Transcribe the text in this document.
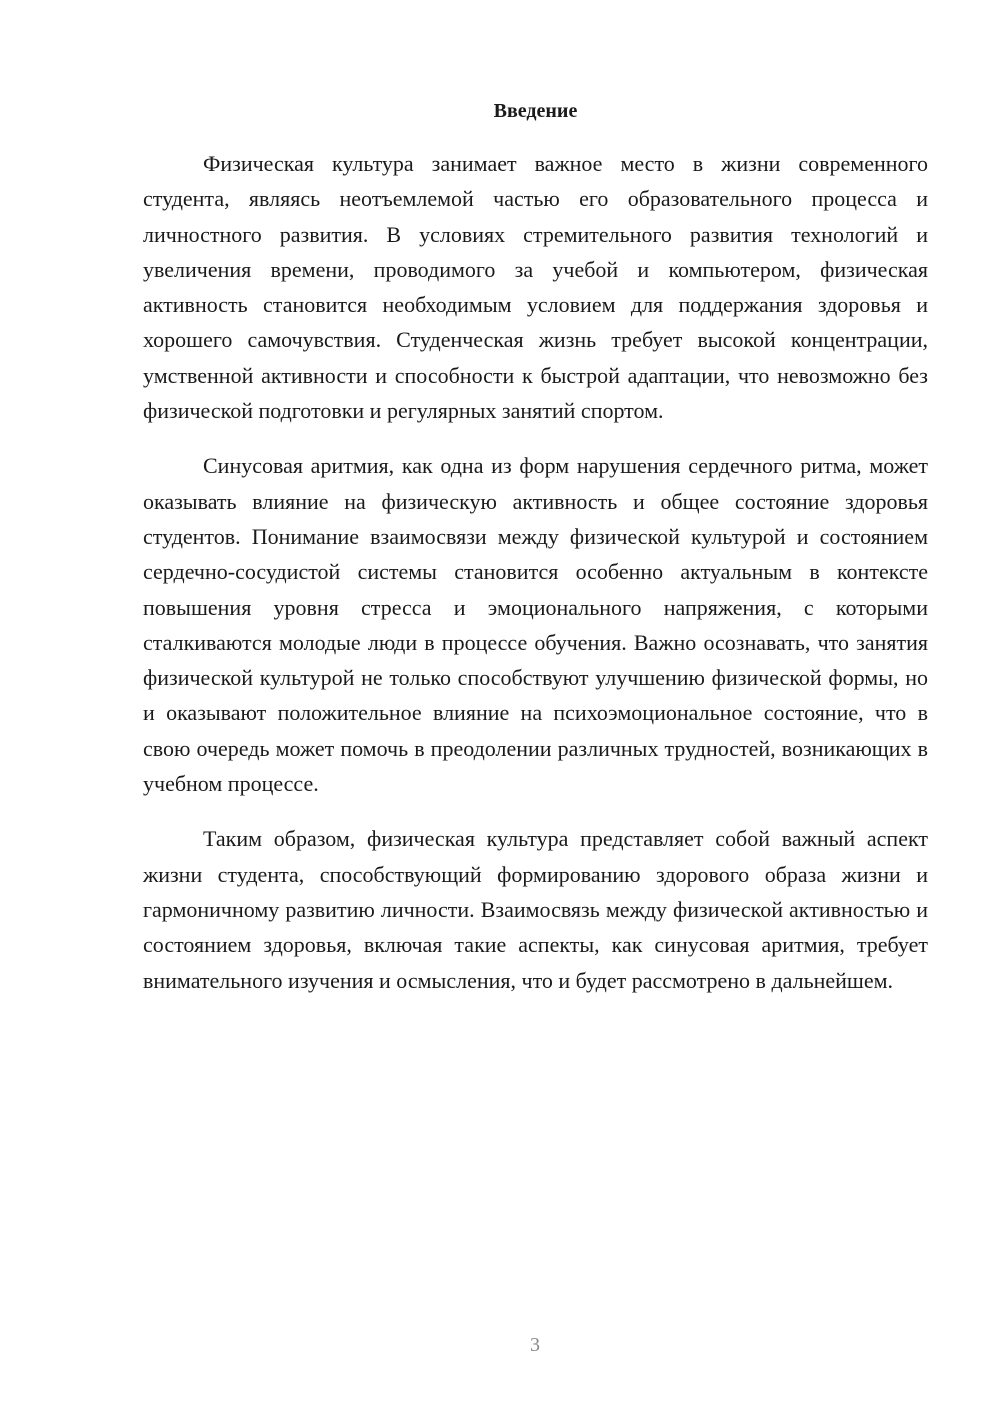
Введение

Физическая культура занимает важное место в жизни современного студента, являясь неотъемлемой частью его образовательного процесса и личностного развития. В условиях стремительного развития технологий и увеличения времени, проводимого за учебой и компьютером, физическая активность становится необходимым условием для поддержания здоровья и хорошего самочувствия. Студенческая жизнь требует высокой концентрации, умственной активности и способности к быстрой адаптации, что невозможно без физической подготовки и регулярных занятий спортом.

Синусовая аритмия, как одна из форм нарушения сердечного ритма, может оказывать влияние на физическую активность и общее состояние здоровья студентов. Понимание взаимосвязи между физической культурой и состоянием сердечно-сосудистой системы становится особенно актуальным в контексте повышения уровня стресса и эмоционального напряжения, с которыми сталкиваются молодые люди в процессе обучения. Важно осознавать, что занятия физической культурой не только способствуют улучшению физической формы, но и оказывают положительное влияние на психоэмоциональное состояние, что в свою очередь может помочь в преодолении различных трудностей, возникающих в учебном процессе.

Таким образом, физическая культура представляет собой важный аспект жизни студента, способствующий формированию здорового образа жизни и гармоничному развитию личности. Взаимосвязь между физической активностью и состоянием здоровья, включая такие аспекты, как синусовая аритмия, требует внимательного изучения и осмысления, что и будет рассмотрено в дальнейшем.

3
